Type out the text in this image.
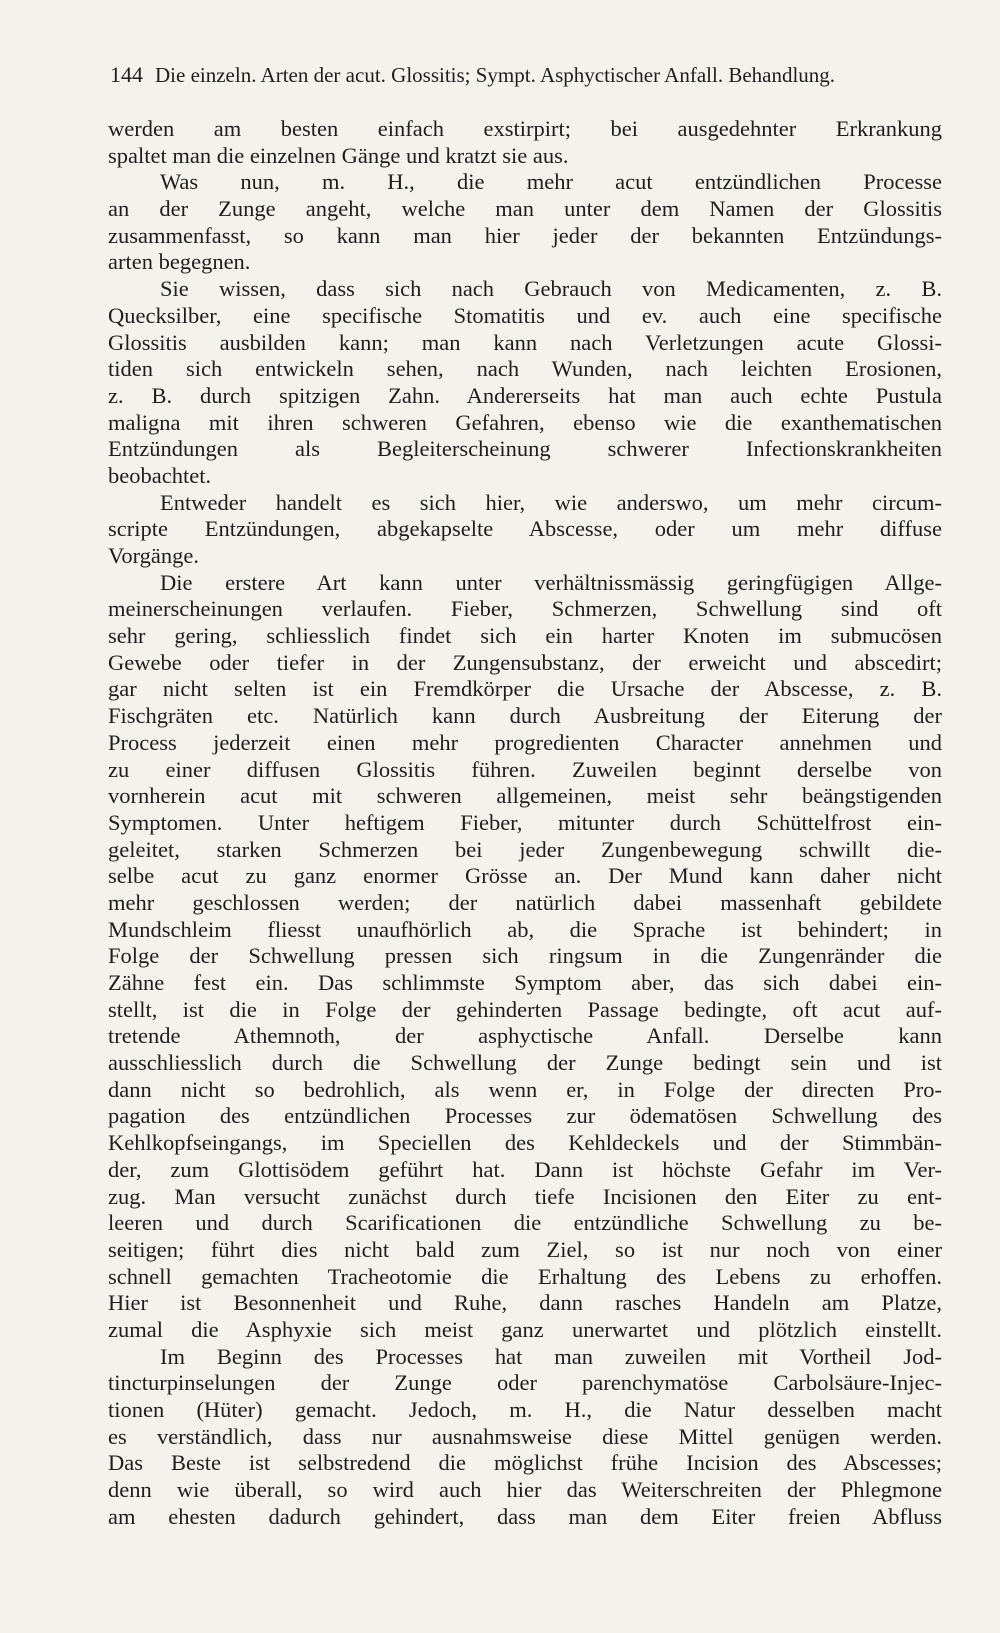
144 Die einzeln. Arten der acut. Glossitis; Sympt. Asphyctischer Anfall. Behandlung.
werden am besten einfach exstirpirt; bei ausgedehnter Erkrankung
spaltet man die einzelnen Gänge und kratzt sie aus.
Was nun, m. H., die mehr acut entzündlichen Processe
an der Zunge angeht, welche man unter dem Namen der Glossitis
zusammenfasst, so kann man hier jeder der bekannten Entzündungs-
arten begegnen.
Sie wissen, dass sich nach Gebrauch von Medicamenten, z. B.
Quecksilber, eine specifische Stomatitis und ev. auch eine specifische
Glossitis ausbilden kann; man kann nach Verletzungen acute Glossi-
tiden sich entwickeln sehen, nach Wunden, nach leichten Erosionen,
z. B. durch spitzigen Zahn. Andererseits hat man auch echte Pustula
maligna mit ihren schweren Gefahren, ebenso wie die exanthematischen
Entzündungen als Begleiterscheinung schwerer Infectionskrankheiten
beobachtet.
Entweder handelt es sich hier, wie anderswo, um mehr circum-
scripte Entzündungen, abgekapselte Abscesse, oder um mehr diffuse
Vorgänge.
Die erstere Art kann unter verhältnissmässig geringfügigen Allge-
meinerscheinungen verlaufen. Fieber, Schmerzen, Schwellung sind oft
sehr gering, schliesslich findet sich ein harter Knoten im submucösen
Gewebe oder tiefer in der Zungensubstanz, der erweicht und abscedirt;
gar nicht selten ist ein Fremdkörper die Ursache der Abscesse, z. B.
Fischgräten etc. Natürlich kann durch Ausbreitung der Eiterung der
Process jederzeit einen mehr progredienten Character annehmen und
zu einer diffusen Glossitis führen. Zuweilen beginnt derselbe von
vornherein acut mit schweren allgemeinen, meist sehr beängstigenden
Symptomen. Unter heftigem Fieber, mitunter durch Schüttelfrost ein-
geleitet, starken Schmerzen bei jeder Zungenbewegung schwillt die-
selbe acut zu ganz enormer Grösse an. Der Mund kann daher nicht
mehr geschlossen werden; der natürlich dabei massenhaft gebildete
Mundschleim fliesst unaufhörlich ab, die Sprache ist behindert; in
Folge der Schwellung pressen sich ringsum in die Zungenränder die
Zähne fest ein. Das schlimmste Symptom aber, das sich dabei ein-
stellt, ist die in Folge der gehinderten Passage bedingte, oft acut auf-
tretende Athemnoth, der asphyctische Anfall. Derselbe kann
ausschliesslich durch die Schwellung der Zunge bedingt sein und ist
dann nicht so bedrohlich, als wenn er, in Folge der directen Pro-
pagation des entzündlichen Processes zur ödematösen Schwellung des
Kehlkopfseingangs, im Speciellen des Kehldeckels und der Stimmbän-
der, zum Glottisödem geführt hat. Dann ist höchste Gefahr im Ver-
zug. Man versucht zunächst durch tiefe Incisionen den Eiter zu ent-
leeren und durch Scarificationen die entzündliche Schwellung zu be-
seitigen; führt dies nicht bald zum Ziel, so ist nur noch von einer
schnell gemachten Tracheotomie die Erhaltung des Lebens zu erhoffen.
Hier ist Besonnenheit und Ruhe, dann rasches Handeln am Platze,
zumal die Asphyxie sich meist ganz unerwartet und plötzlich einstellt.
Im Beginn des Processes hat man zuweilen mit Vortheil Jod-
tincturpinselungen der Zunge oder parenchymatöse Carbolsäure-Injec-
tionen (Hüter) gemacht. Jedoch, m. H., die Natur desselben macht
es verständlich, dass nur ausnahmsweise diese Mittel genügen werden.
Das Beste ist selbstredend die möglichst frühe Incision des Abscesses;
denn wie überall, so wird auch hier das Weiterschreiten der Phlegmone
am ehesten dadurch gehindert, dass man dem Eiter freien Abfluss
